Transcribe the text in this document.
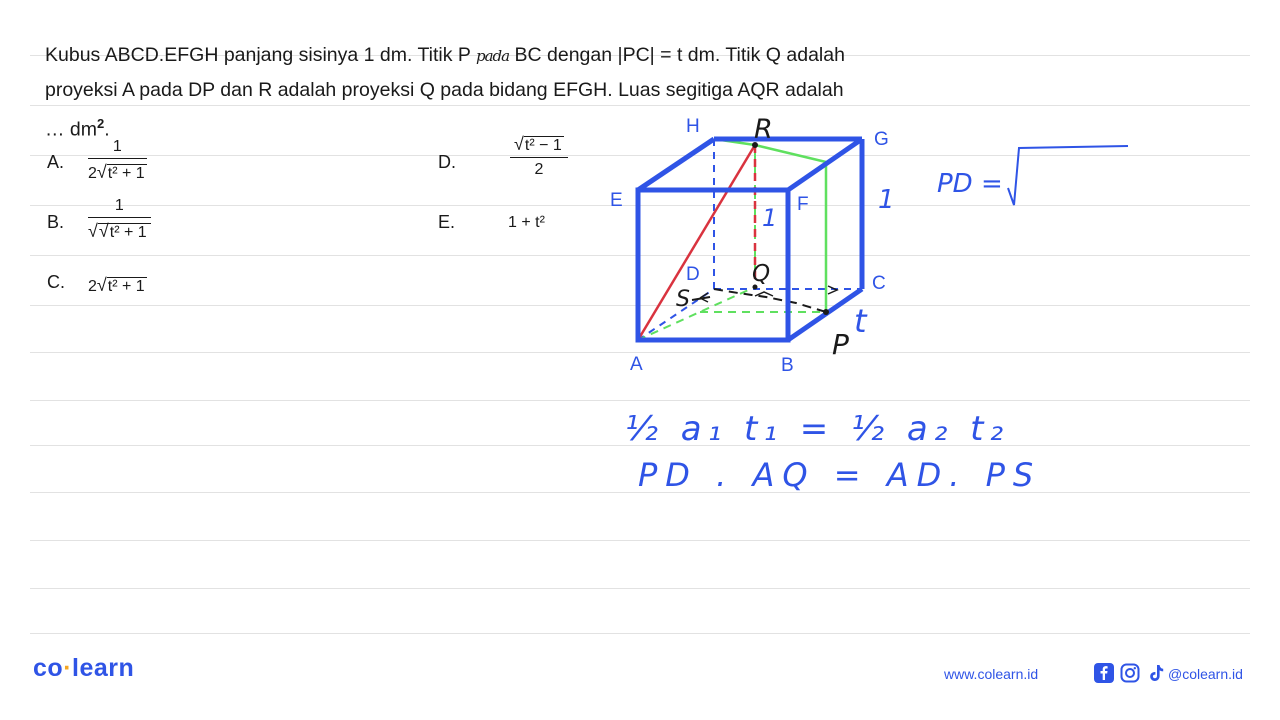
Kubus ABCD.EFGH panjang sisinya 1 dm. Titik P pada BC dengan |PC| = t dm. Titik Q adalah
proyeksi A pada DP dan R adalah proyeksi Q pada bidang EFGH. Luas segitiga AQR adalah
… $dm^2$.
A.
1
2√t² + 1
B.
1
√√t² + 1
C. 2√t² + 1
D.
√t² − 1
2
E.	1 + t²
H
G
E	F
D	C
A	B
R
Q
S
P
t
1
1
PD =
½ a₁ t₁ = ½ a₂ t₂
PD . AQ = AD. PS
co·learn	www.colearn.id	@colearn.id
